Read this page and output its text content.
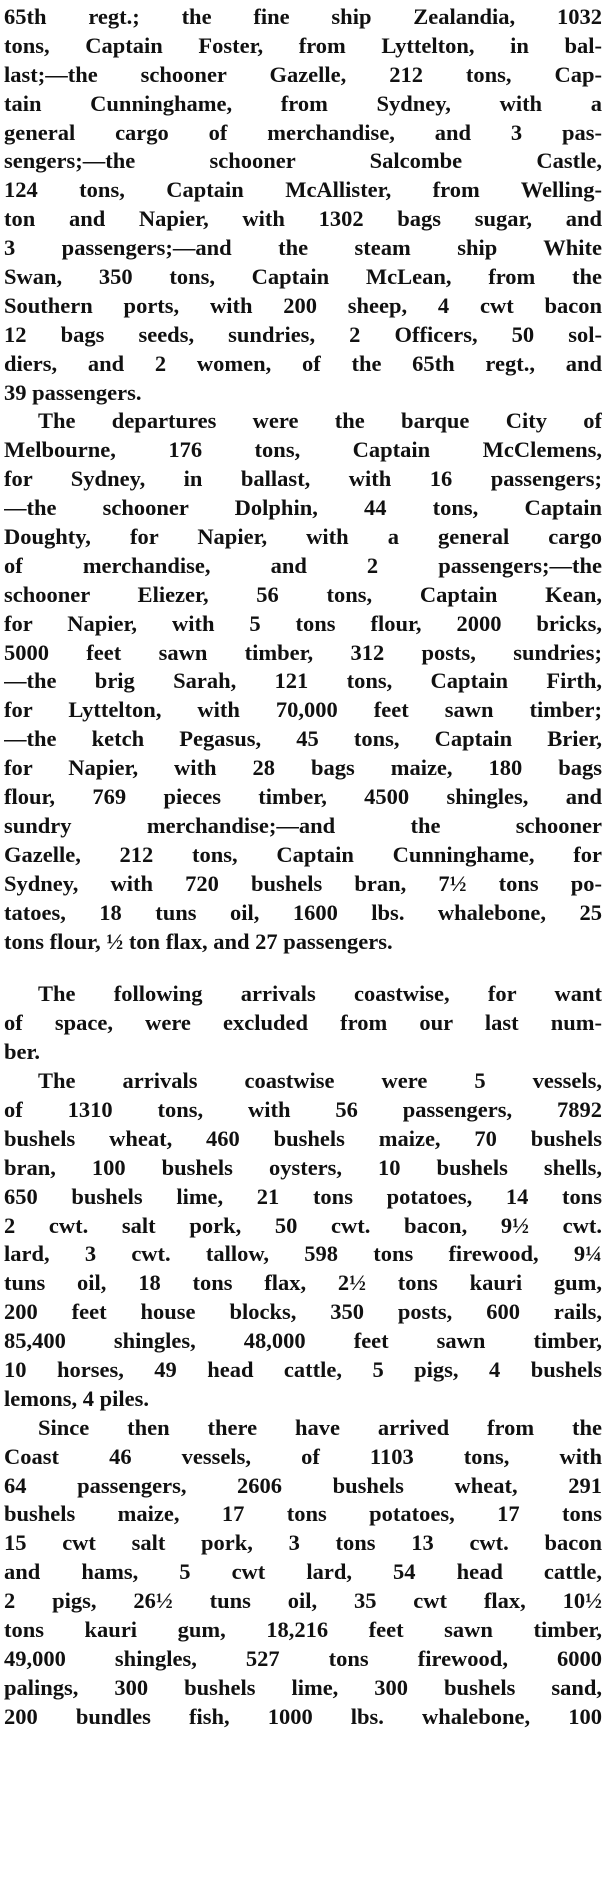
65th regt.; the fine ship Zealandia, 1032
tons, Captain Foster, from Lyttelton, in bal-
last;—the schooner Gazelle, 212 tons, Cap-
tain Cunninghame, from Sydney, with a
general cargo of merchandise, and 3 pas-
sengers;—the schooner Salcombe Castle,
124 tons, Captain McAllister, from Welling-
ton and Napier, with 1302 bags sugar, and
3 passengers;—and the steam ship White
Swan, 350 tons, Captain McLean, from the
Southern ports, with 200 sheep, 4 cwt bacon
12 bags seeds, sundries, 2 Officers, 50 sol-
diers, and 2 women, of the 65th regt., and
39 passengers.
The departures were the barque City of
Melbourne, 176 tons, Captain McClemens,
for Sydney, in ballast, with 16 passengers;
—the schooner Dolphin, 44 tons, Captain
Doughty, for Napier, with a general cargo
of merchandise, and 2 passengers;—the
schooner Eliezer, 56 tons, Captain Kean,
for Napier, with 5 tons flour, 2000 bricks,
5000 feet sawn timber, 312 posts, sundries;
—the brig Sarah, 121 tons, Captain Firth,
for Lyttelton, with 70,000 feet sawn timber;
—the ketch Pegasus, 45 tons, Captain Brier,
for Napier, with 28 bags maize, 180 bags
flour, 769 pieces timber, 4500 shingles, and
sundry merchandise;—and the schooner
Gazelle, 212 tons, Captain Cunninghame, for
Sydney, with 720 bushels bran, 7½ tons po-
tatoes, 18 tuns oil, 1600 lbs. whalebone, 25
tons flour, ½ ton flax, and 27 passengers.
The following arrivals coastwise, for want
of space, were excluded from our last num-
ber.
The arrivals coastwise were 5 vessels,
of 1310 tons, with 56 passengers, 7892
bushels wheat, 460 bushels maize, 70 bushels
bran, 100 bushels oysters, 10 bushels shells,
650 bushels lime, 21 tons potatoes, 14 tons
2 cwt. salt pork, 50 cwt. bacon, 9½ cwt.
lard, 3 cwt. tallow, 598 tons firewood, 9¼
tuns oil, 18 tons flax, 2½ tons kauri gum,
200 feet house blocks, 350 posts, 600 rails,
85,400 shingles, 48,000 feet sawn timber,
10 horses, 49 head cattle, 5 pigs, 4 bushels
lemons, 4 piles.
Since then there have arrived from the
Coast 46 vessels, of 1103 tons, with
64 passengers, 2606 bushels wheat, 291
bushels maize, 17 tons potatoes, 17 tons
15 cwt salt pork, 3 tons 13 cwt. bacon
and hams, 5 cwt lard, 54 head cattle,
2 pigs, 26½ tuns oil, 35 cwt flax, 10½
tons kauri gum, 18,216 feet sawn timber,
49,000 shingles, 527 tons firewood, 6000
palings, 300 bushels lime, 300 bushels sand,
200 bundles fish, 1000 lbs. whalebone, 100
